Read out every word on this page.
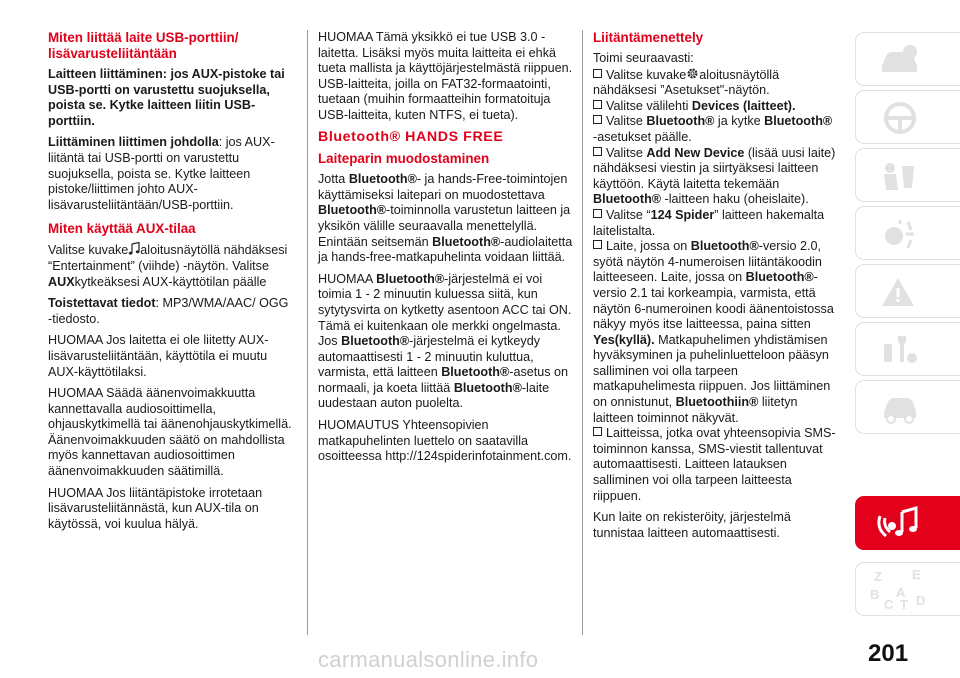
Miten liittää laite USB-porttiin/ lisävarusteliitäntään

Laitteen liittäminen: jos AUX-pistoke tai USB-portti on varustettu suojuksella, poista se. Kytke laitteen liitin USB-porttiin.

Liittäminen liittimen johdolla: jos AUX-liitäntä tai USB-portti on varustettu suojuksella, poista se. Kytke laitteen pistoke/liittimen johto AUX-lisävarusteliitäntään/USB-porttiin.

Miten käyttää AUX-tilaa

Valitse kuvake aloitusnäytöllä nähdäksesi “Entertainment” (viihde) -näytön. Valitse AUXkytkeäksesi AUX-käyttötilan päälle

Toistettavat tiedot: MP3/WMA/AAC/ OGG -tiedosto.

HUOMAA Jos laitetta ei ole liitetty AUX-lisävarusteliitäntään, käyttötila ei muutu AUX-käyttötilaksi.

HUOMAA Säädä äänenvoimakkuutta kannettavalla audiosoittimella, ohjauskytkimellä tai äänenohjauskytkimellä. Äänenvoimakkuuden säätö on mahdollista myös kannettavan audiosoittimen äänenvoimakkuuden säätimillä.

HUOMAA Jos liitäntäpistoke irrotetaan lisävarusteliitännästä, kun AUX-tila on käytössä, voi kuulua hälyä.

HUOMAA Tämä yksikkö ei tue USB 3.0 -laitetta. Lisäksi myös muita laitteita ei ehkä tueta mallista ja käyttöjärjestelmästä riippuen.

USB-laitteita, joilla on FAT32-formaatointi, tuetaan (muihin formaatteihin formatoituja USB-laitteita, kuten NTFS, ei tueta).

Bluetooth® HANDS FREE
Laiteparin muodostaminen

Jotta Bluetooth®- ja hands-Free-toimintojen käyttämiseksi laitepari on muodostettava Bluetooth®-toiminnolla varustetun laitteen ja yksikön välille seuraavalla menettelyllä. Enintään seitsemän Bluetooth®-audiolaitetta ja hands-free-matkapuhelinta voidaan liittää.

HUOMAA Bluetooth®-järjestelmä ei voi toimia 1 - 2 minuutin kuluessa siitä, kun sytytysvirta on kytketty asentoon ACC tai ON. Tämä ei kuitenkaan ole merkki ongelmasta. Jos Bluetooth®-järjestelmä ei kytkeydy automaattisesti 1 - 2 minuutin kuluttua, varmista, että laitteen Bluetooth®-asetus on normaali, ja koeta liittää Bluetooth®-laite uudestaan auton puolelta.

HUOMAUTUS Yhteensopivien matkapuhelinten luettelo on saatavilla osoitteessa http://124spiderinfotainment.com.

Liitäntämenettely
Toimi seuraavasti:
Valitse kuvake aloitusnäytöllä nähdäksesi ”Asetukset"-näytön.
Valitse välilehti Devices (laitteet).
Valitse Bluetooth® ja kytke Bluetooth® -asetukset päälle.
Valitse Add New Device (lisää uusi laite) nähdäksesi viestin ja siirtyäksesi laitteen käyttöön. Käytä laitetta tekemään Bluetooth® -laitteen haku (oheislaite).
Valitse “124 Spider” laitteen hakemalta laitelistalta.
Laite, jossa on Bluetooth®-versio 2.0, syötä näytön 4-numeroisen liitäntäkoodin laitteeseen. Laite, jossa on Bluetooth®-versio 2.1 tai korkeampia, varmista, että näytön 6-numeroinen koodi äänentoistossa näkyy myös itse laitteessa, paina sitten Yes(kyllä). Matkapuhelimen yhdistämisen hyväksyminen ja puhelinluetteloon pääsyn salliminen voi olla tarpeen matkapuhelimesta riippuen. Jos liittäminen on onnistunut, Bluetoothiin® liitetyn laitteen toiminnot näkyvät.

Laitteissa, jotka ovat yhteensopivia SMS-toiminnon kanssa, SMS-viestit tallentuvat automaattisesti. Laitteen latauksen salliminen voi olla tarpeen laitteesta riippuen.

Kun laite on rekisteröity, järjestelmä tunnistaa laitteen automaattisesti.

Z E
B A
C T D
201
carmanualsonline.info
